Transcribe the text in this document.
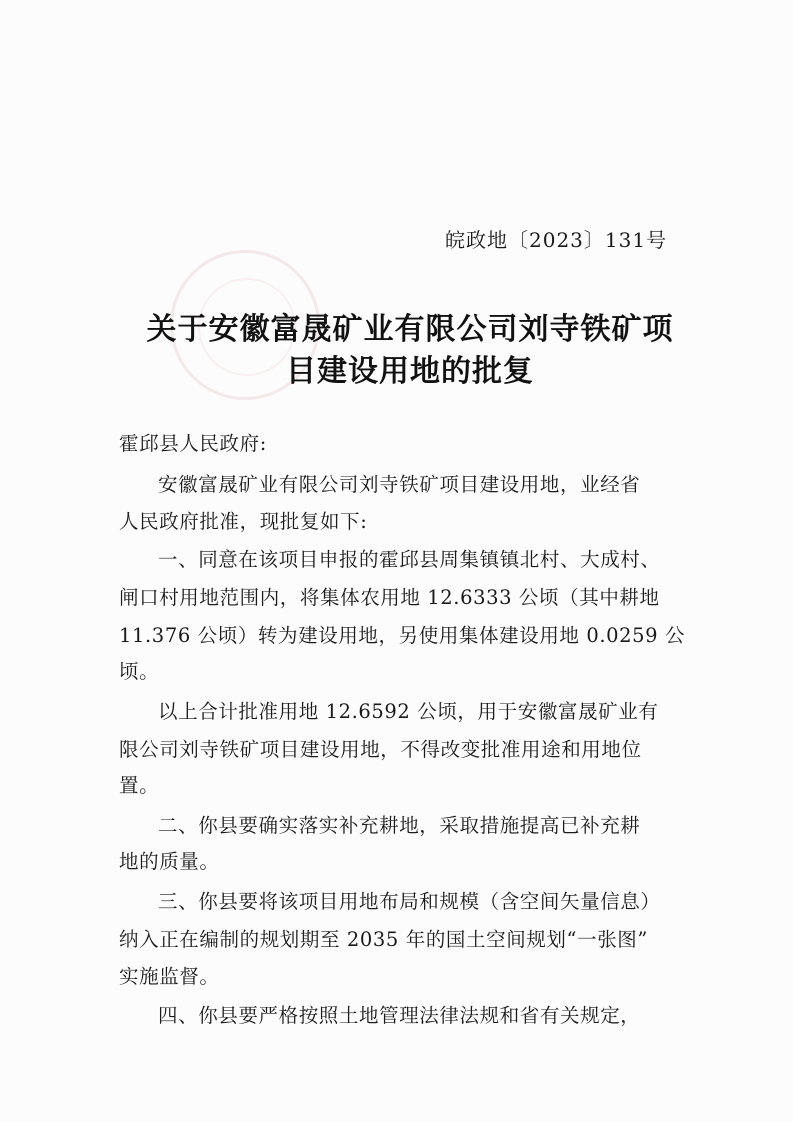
皖政地〔2023〕131号
关于安徽富晟矿业有限公司刘寺铁矿项
目建设用地的批复
霍邱县人民政府:
安徽富晟矿业有限公司刘寺铁矿项目建设用地，业经省
人民政府批准，现批复如下:
一、同意在该项目申报的霍邱县周集镇镇北村、大成村、
闸口村用地范围内，将集体农用地 12.6333 公顷（其中耕地
11.376 公顷）转为建设用地，另使用集体建设用地 0.0259 公
顷。
以上合计批准用地 12.6592 公顷，用于安徽富晟矿业有
限公司刘寺铁矿项目建设用地，不得改变批准用途和用地位
置。
二、你县要确实落实补充耕地，采取措施提高已补充耕
地的质量。
三、你县要将该项目用地布局和规模（含空间矢量信息）
纳入正在编制的规划期至 2035 年的国土空间规划“一张图”
实施监督。
四、你县要严格按照土地管理法律法规和省有关规定，
